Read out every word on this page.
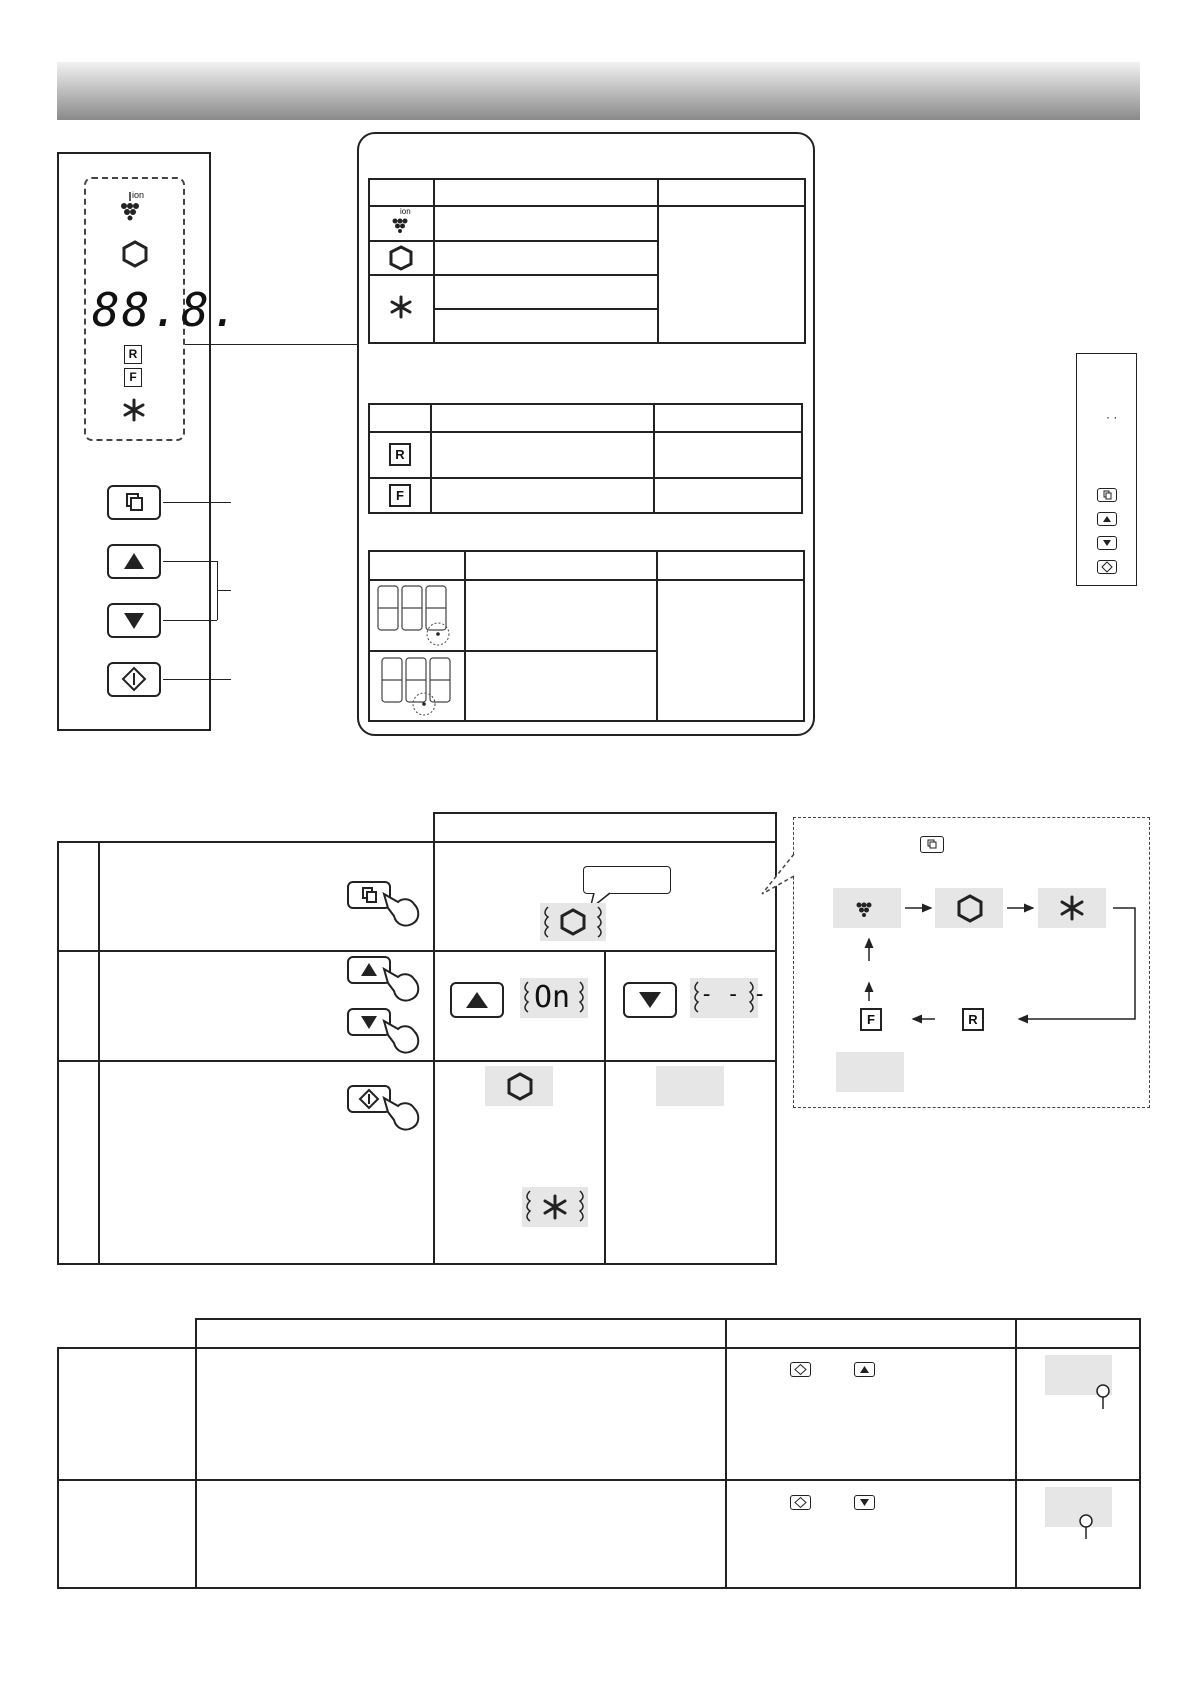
ion
88.8.
R
F
ion
R
F
· ·
On	- - -
F	R
